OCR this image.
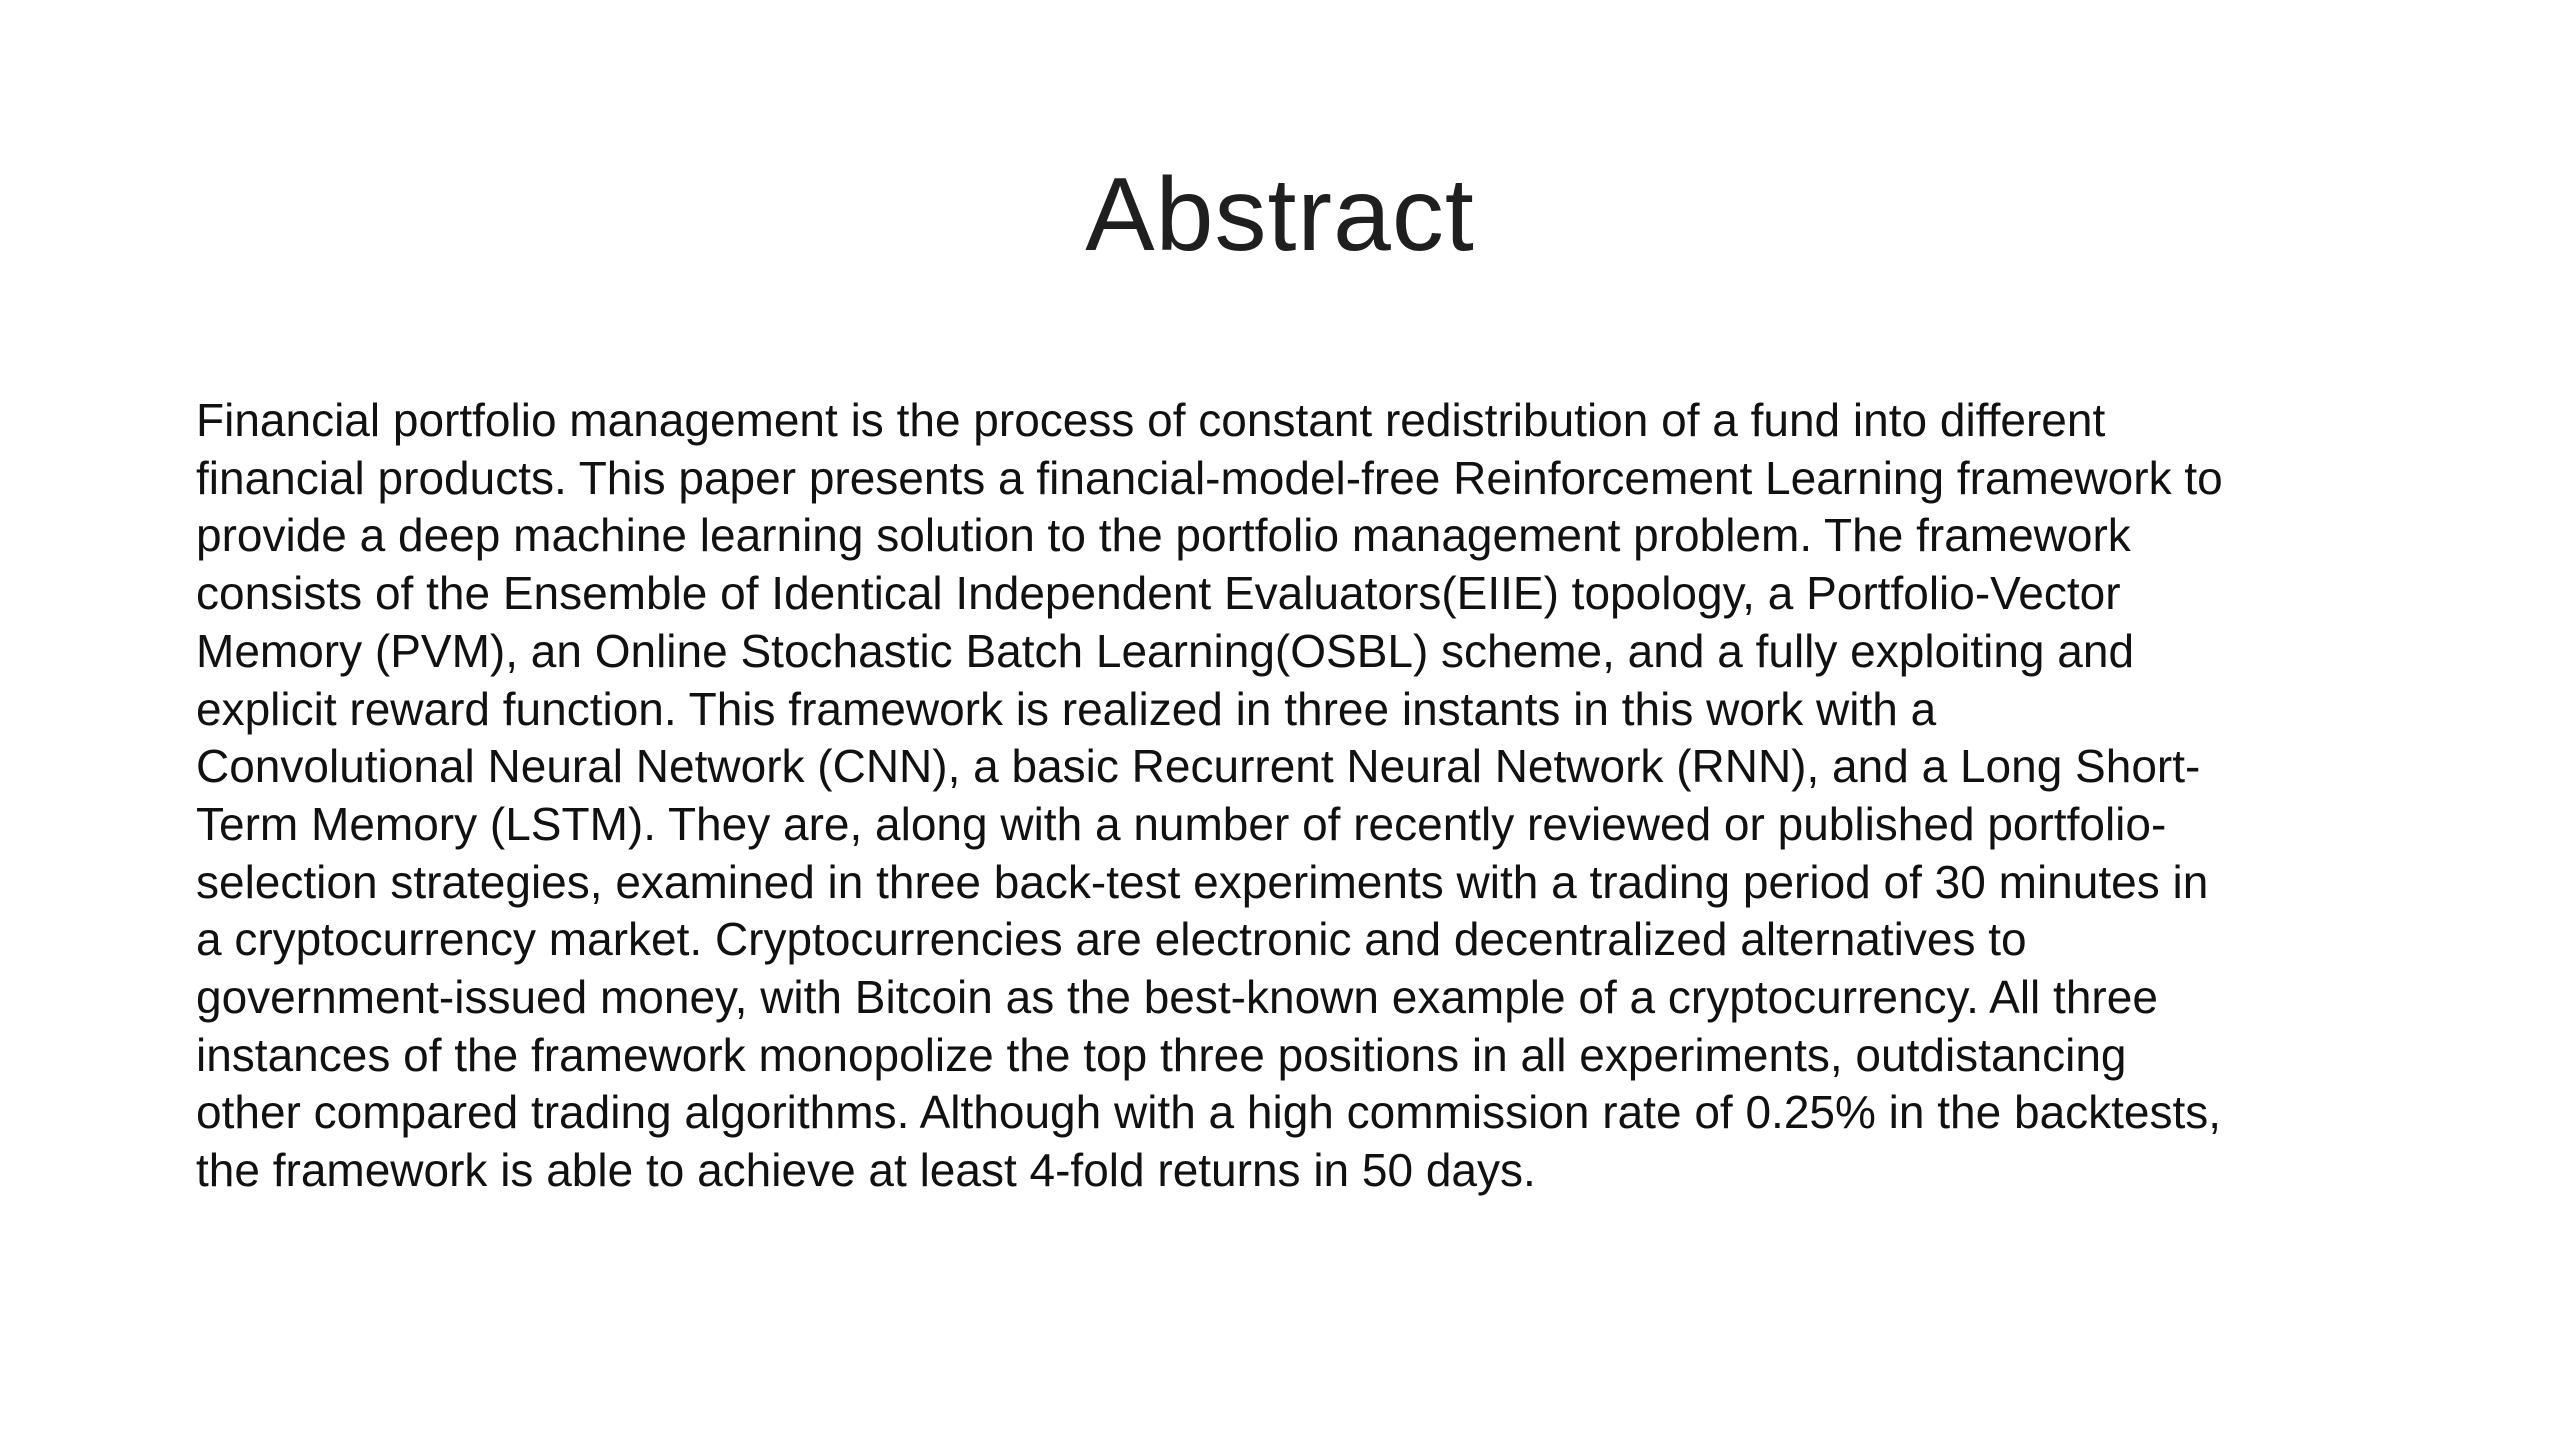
Abstract
Financial portfolio management is the process of constant redistribution of a fund into different
financial products. This paper presents a financial-model-free Reinforcement Learning framework to
provide a deep machine learning solution to the portfolio management problem. The framework
consists of the Ensemble of Identical Independent Evaluators(EIIE) topology, a Portfolio-Vector
Memory (PVM), an Online Stochastic Batch Learning(OSBL) scheme, and a fully exploiting and
explicit reward function. This framework is realized in three instants in this work with a
Convolutional Neural Network (CNN), a basic Recurrent Neural Network (RNN), and a Long Short-
Term Memory (LSTM). They are, along with a number of recently reviewed or published portfolio-
selection strategies, examined in three back-test experiments with a trading period of 30 minutes in
a cryptocurrency market. Cryptocurrencies are electronic and decentralized alternatives to
government-issued money, with Bitcoin as the best-known example of a cryptocurrency. All three
instances of the framework monopolize the top three positions in all experiments, outdistancing
other compared trading algorithms. Although with a high commission rate of 0.25% in the backtests,
the framework is able to achieve at least 4-fold returns in 50 days.
